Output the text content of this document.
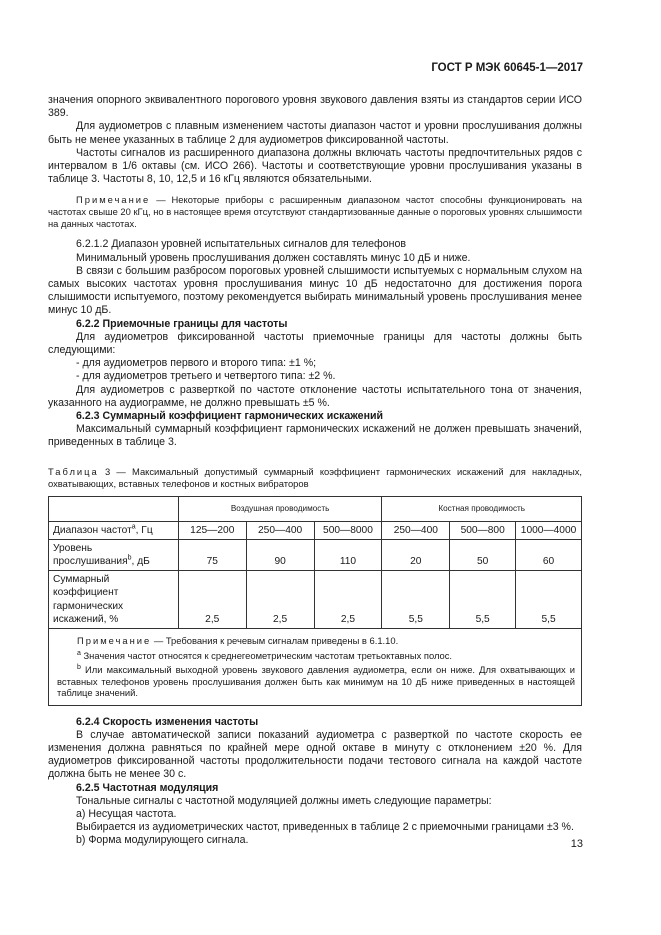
ГОСТ Р МЭК 60645-1—2017

значения опорного эквивалентного порогового уровня звукового давления взяты из стандартов серии ИСО 389.

Для аудиометров с плавным изменением частоты диапазон частот и уровни прослушивания должны быть не менее указанных в таблице 2 для аудиометров фиксированной частоты.

Частоты сигналов из расширенного диапазона должны включать частоты предпочтительных рядов с интервалом в 1/6 октавы (см. ИСО 266). Частоты и соответствующие уровни прослушивания указаны в таблице 3. Частоты 8, 10, 12,5 и 16 кГц являются обязательными.

Примечание — Некоторые приборы с расширенным диапазоном частот способны функционировать на частотах свыше 20 кГц, но в настоящее время отсутствуют стандартизованные данные о пороговых уровнях слышимости на данных частотах.

6.2.1.2 Диапазон уровней испытательных сигналов для телефонов

Минимальный уровень прослушивания должен составлять минус 10 дБ и ниже.

В связи с большим разбросом пороговых уровней слышимости испытуемых с нормальным слухом на самых высоких частотах уровня прослушивания минус 10 дБ недостаточно для достижения порога слышимости испытуемого, поэтому рекомендуется выбирать минимальный уровень прослушивания менее минус 10 дБ.

6.2.2 Приемочные границы для частоты

Для аудиометров фиксированной частоты приемочные границы для частоты должны быть следующими:

- для аудиометров первого и второго типа: ±1 %;

- для аудиометров третьего и четвертого типа: ±2 %.

Для аудиометров с разверткой по частоте отклонение частоты испытательного тона от значения, указанного на аудиограмме, не должно превышать ±5 %.

6.2.3 Суммарный коэффициент гармонических искажений

Максимальный суммарный коэффициент гармонических искажений не должен превышать значений, приведенных в таблице 3.

Таблица 3 — Максимальный допустимый суммарный коэффициент гармонических искажений для накладных, охватывающих, вставных телефонов и костных вибраторов

	Воздушная проводимость			Костная проводимость		
Диапазон частот$^a$, Гц	125—200	250—400	500—8000	250—400	500—800	1000—4000
Уровень прослушивания$^b$, дБ	75	90	110	20	50	60
Суммарный коэффициент гармонических искажений, %	2,5	2,5	2,5	5,5	5,5	5,5
Примечание — Требования к речевым сигналам приведены в 6.1.10.
$^a$ Значения частот относятся к среднегеометрическим частотам третьоктавных полос.
$^b$ Или максимальный выходной уровень звукового давления аудиометра, если он ниже. Для охватывающих и вставных телефонов уровень прослушивания должен быть как минимум на 10 дБ ниже приведенных в настоящей таблице значений.						

6.2.4 Скорость изменения частоты

В случае автоматической записи показаний аудиометра с разверткой по частоте скорость ее изменения должна равняться по крайней мере одной октаве в минуту с отклонением ±20 %. Для аудиометров фиксированной частоты продолжительности подачи тестового сигнала на каждой частоте должна быть не менее 30 с.

6.2.5 Частотная модуляция

Тональные сигналы с частотной модуляцией должны иметь следующие параметры:

а) Несущая частота.

Выбирается из аудиометрических частот, приведенных в таблице 2 с приемочными границами ±3 %.

b) Форма модулирующего сигнала.	13
